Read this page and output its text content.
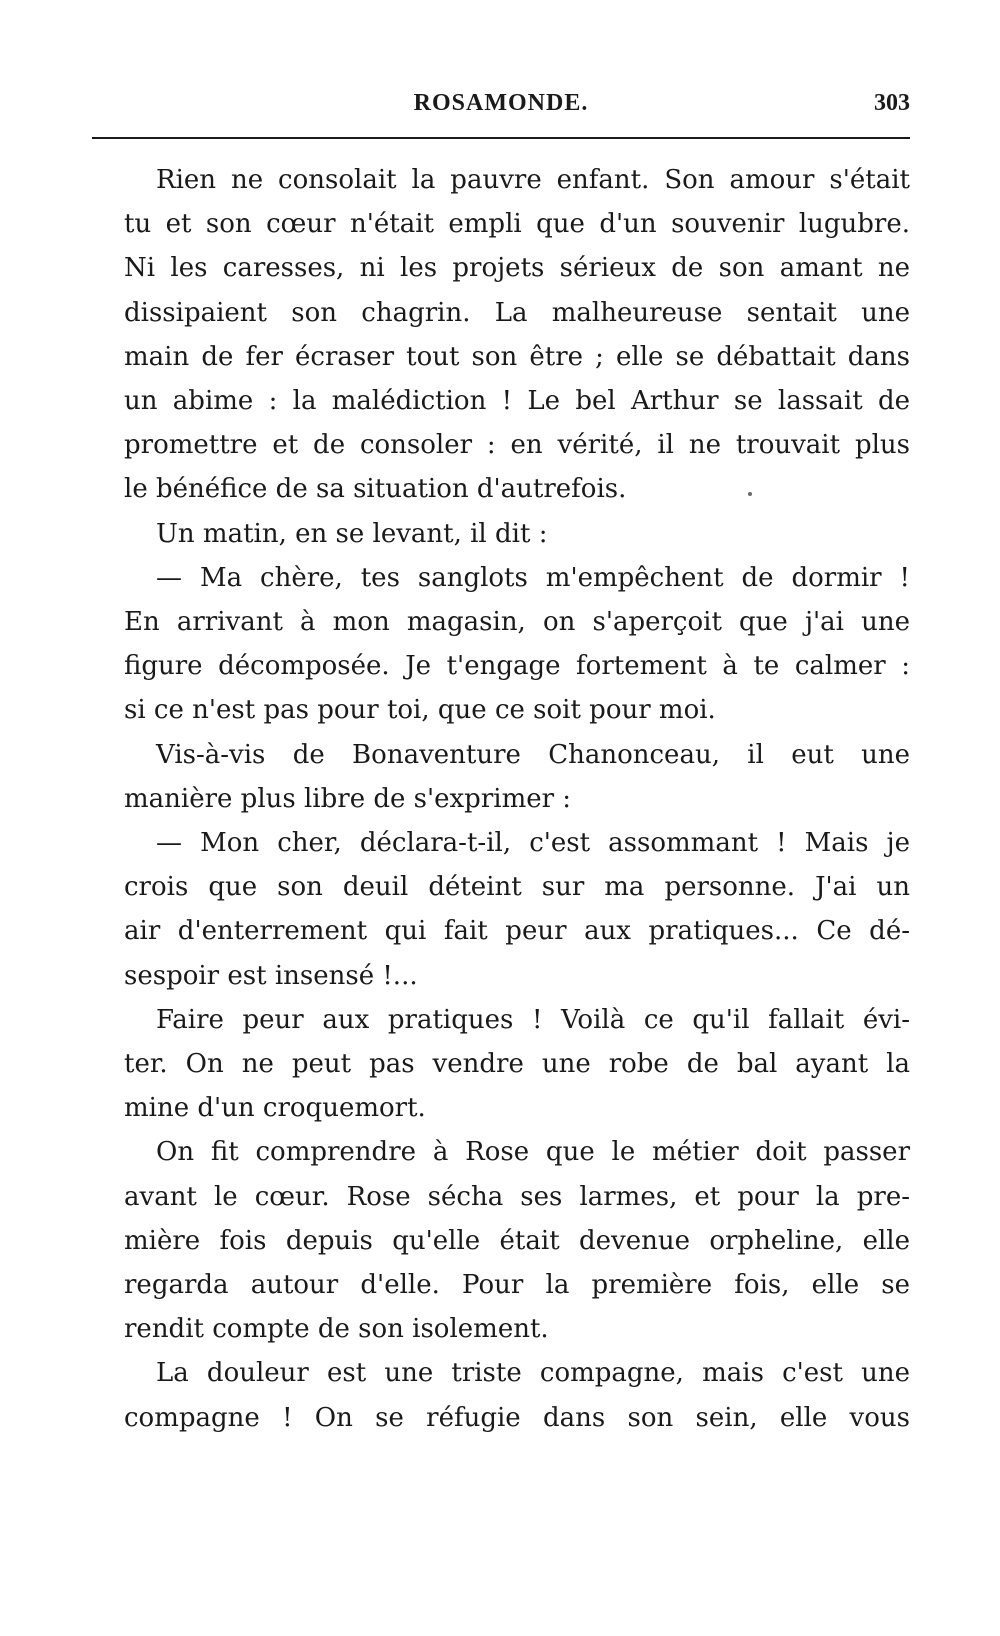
ROSAMONDE.	303

Rien ne consolait la pauvre enfant. Son amour s'était
tu et son cœur n'était empli que d'un souvenir lugubre.
Ni les caresses, ni les projets sérieux de son amant ne
dissipaient son chagrin. La malheureuse sentait une
main de fer écraser tout son être ; elle se débattait dans
un abime : la malédiction ! Le bel Arthur se lassait de
promettre et de consoler : en vérité, il ne trouvait plus
le bénéfice de sa situation d'autrefois.

Un matin, en se levant, il dit :

— Ma chère, tes sanglots m'empêchent de dormir !
En arrivant à mon magasin, on s'aperçoit que j'ai une
figure décomposée. Je t'engage fortement à te calmer :
si ce n'est pas pour toi, que ce soit pour moi.

Vis-à-vis de Bonaventure Chanonceau, il eut une
manière plus libre de s'exprimer :

— Mon cher, déclara-t-il, c'est assommant ! Mais je
crois que son deuil déteint sur ma personne. J'ai un
air d'enterrement qui fait peur aux pratiques... Ce dé-
sespoir est insensé !...

Faire peur aux pratiques ! Voilà ce qu'il fallait évi-
ter. On ne peut pas vendre une robe de bal ayant la
mine d'un croquemort.

On fit comprendre à Rose que le métier doit passer
avant le cœur. Rose sécha ses larmes, et pour la pre-
mière fois depuis qu'elle était devenue orpheline, elle
regarda autour d'elle. Pour la première fois, elle se
rendit compte de son isolement.

La douleur est une triste compagne, mais c'est une
compagne ! On se réfugie dans son sein, elle vous
